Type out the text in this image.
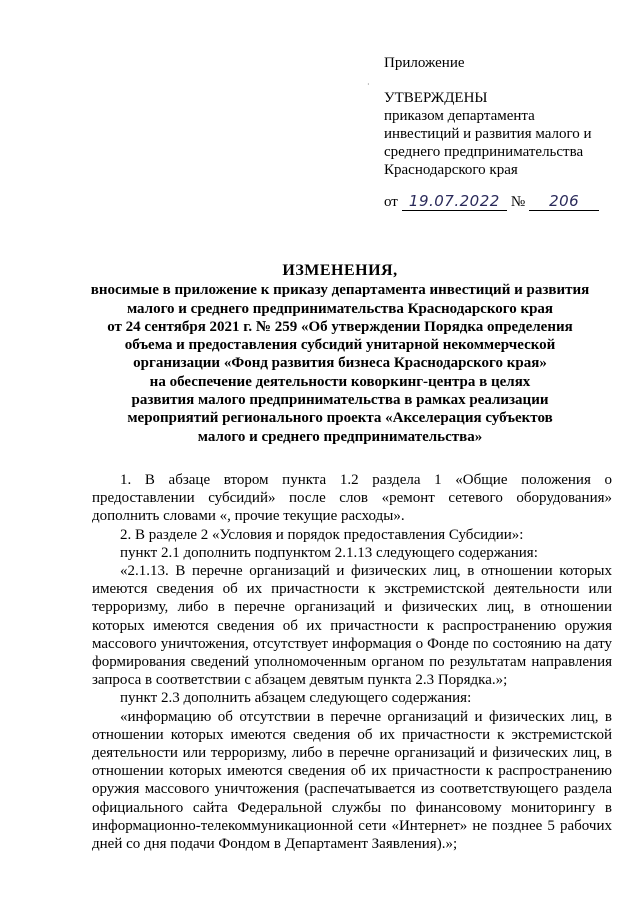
·
Приложение
УТВЕРЖДЕНЫ
приказом департамента
инвестиций и развития малого и
среднего предпринимательства
Краснодарского края
от 19.07.2022 № 206
ИЗМЕНЕНИЯ,
вносимые в приложение к приказу департамента инвестиций и развития
малого и среднего предпринимательства Краснодарского края
от 24 сентября 2021 г. № 259 «Об утверждении Порядка определения
объема и предоставления субсидий унитарной некоммерческой
организации «Фонд развития бизнеса Краснодарского края»
на обеспечение деятельности коворкинг-центра в целях
развития малого предпринимательства в рамках реализации
мероприятий регионального проекта «Акселерация субъектов
малого и среднего предпринимательства»

1. В абзаце втором пункта 1.2 раздела 1 «Общие положения о предоставлении субсидий» после слов «ремонт сетевого оборудования» дополнить словами «, прочие текущие расходы».

2. В разделе 2 «Условия и порядок предоставления Субсидии»:

пункт 2.1 дополнить подпунктом 2.1.13 следующего содержания:

«2.1.13. В перечне организаций и физических лиц, в отношении которых имеются сведения об их причастности к экстремистской деятельности или терроризму, либо в перечне организаций и физических лиц, в отношении которых имеются сведения об их причастности к распространению оружия массового уничтожения, отсутствует информация о Фонде по состоянию на дату формирования сведений уполномоченным органом по результатам направления запроса в соответствии с абзацем девятым пункта 2.3 Порядка.»;

пункт 2.3 дополнить абзацем следующего содержания:

«информацию об отсутствии в перечне организаций и физических лиц, в отношении которых имеются сведения об их причастности к экстремистской деятельности или терроризму, либо в перечне организаций и физических лиц, в отношении которых имеются сведения об их причастности к распространению оружия массового уничтожения (распечатывается из соответствующего раздела официального сайта Федеральной службы по финансовому мониторингу в информационно-телекоммуникационной сети «Интернет» не позднее 5 рабочих дней со дня подачи Фондом в Департамент Заявления).»;
